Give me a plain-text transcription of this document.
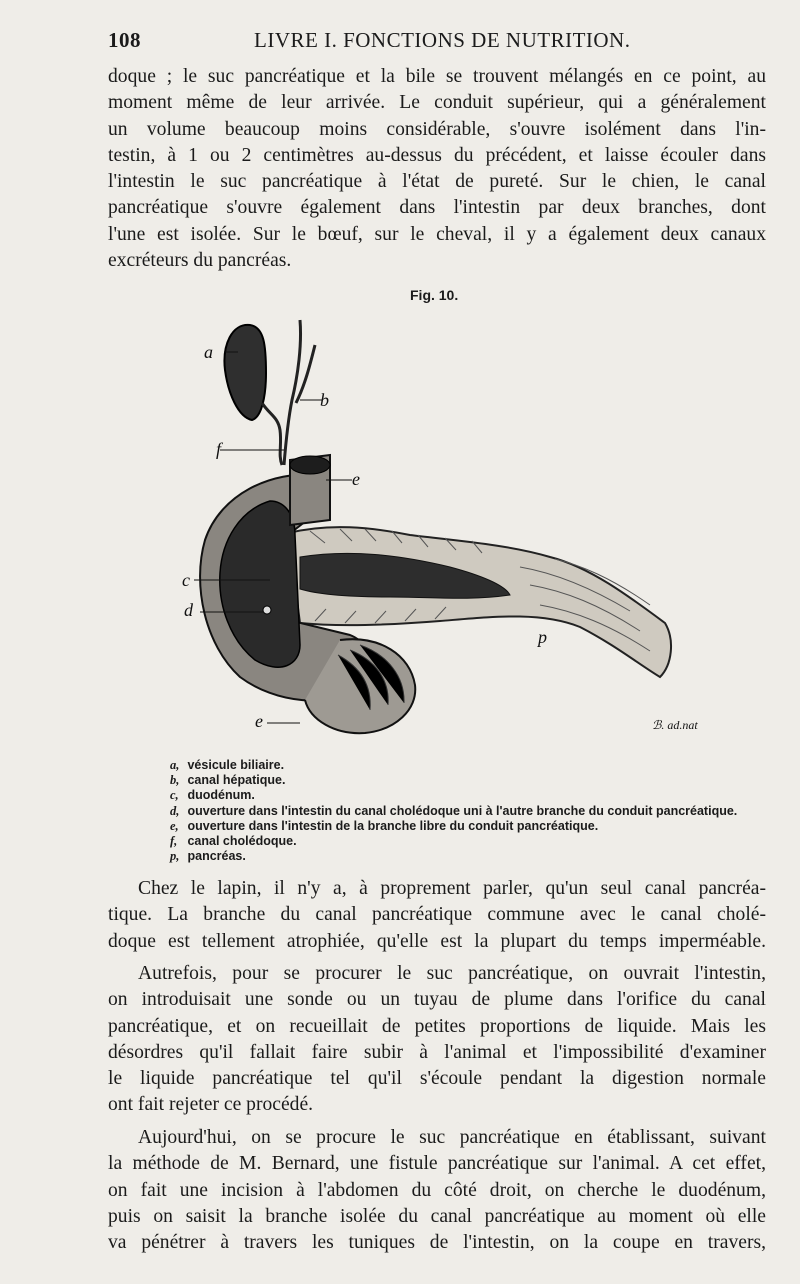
108	LIVRE I. FONCTIONS DE NUTRITION.
doque ; le suc pancréatique et la bile se trouvent mélangés en ce point, au
moment même de leur arrivée. Le conduit supérieur, qui a généralement
un volume beaucoup moins considérable, s'ouvre isolément dans l'in-
testin, à 1 ou 2 centimètres au-dessus du précédent, et laisse écouler dans
l'intestin le suc pancréatique à l'état de pureté. Sur le chien, le canal
pancréatique s'ouvre également dans l'intestin par deux branches, dont
l'une est isolée. Sur le bœuf, sur le cheval, il y a également deux canaux
excréteurs du pancréas.
Fig. 10.
a
b
f
e
c
d
p
e	ℬ. ad.nat
a, vésicule biliaire.
b, canal hépatique.
c, duodénum.
d, ouverture dans l'intestin du canal cholédoque uni à l'autre branche du conduit pancréatique.
e, ouverture dans l'intestin de la branche libre du conduit pancréatique.
f, canal cholédoque.
p, pancréas.
Chez le lapin, il n'y a, à proprement parler, qu'un seul canal pancréa-
tique. La branche du canal pancréatique commune avec le canal cholé-
doque est tellement atrophiée, qu'elle est la plupart du temps imperméable.
Autrefois, pour se procurer le suc pancréatique, on ouvrait l'intestin,
on introduisait une sonde ou un tuyau de plume dans l'orifice du canal
pancréatique, et on recueillait de petites proportions de liquide. Mais les
désordres qu'il fallait faire subir à l'animal et l'impossibilité d'examiner
le liquide pancréatique tel qu'il s'écoule pendant la digestion normale
ont fait rejeter ce procédé.
Aujourd'hui, on se procure le suc pancréatique en établissant, suivant
la méthode de M. Bernard, une fistule pancréatique sur l'animal. A cet effet,
on fait une incision à l'abdomen du côté droit, on cherche le duodénum,
puis on saisit la branche isolée du canal pancréatique au moment où elle
va pénétrer à travers les tuniques de l'intestin, on la coupe en travers,
